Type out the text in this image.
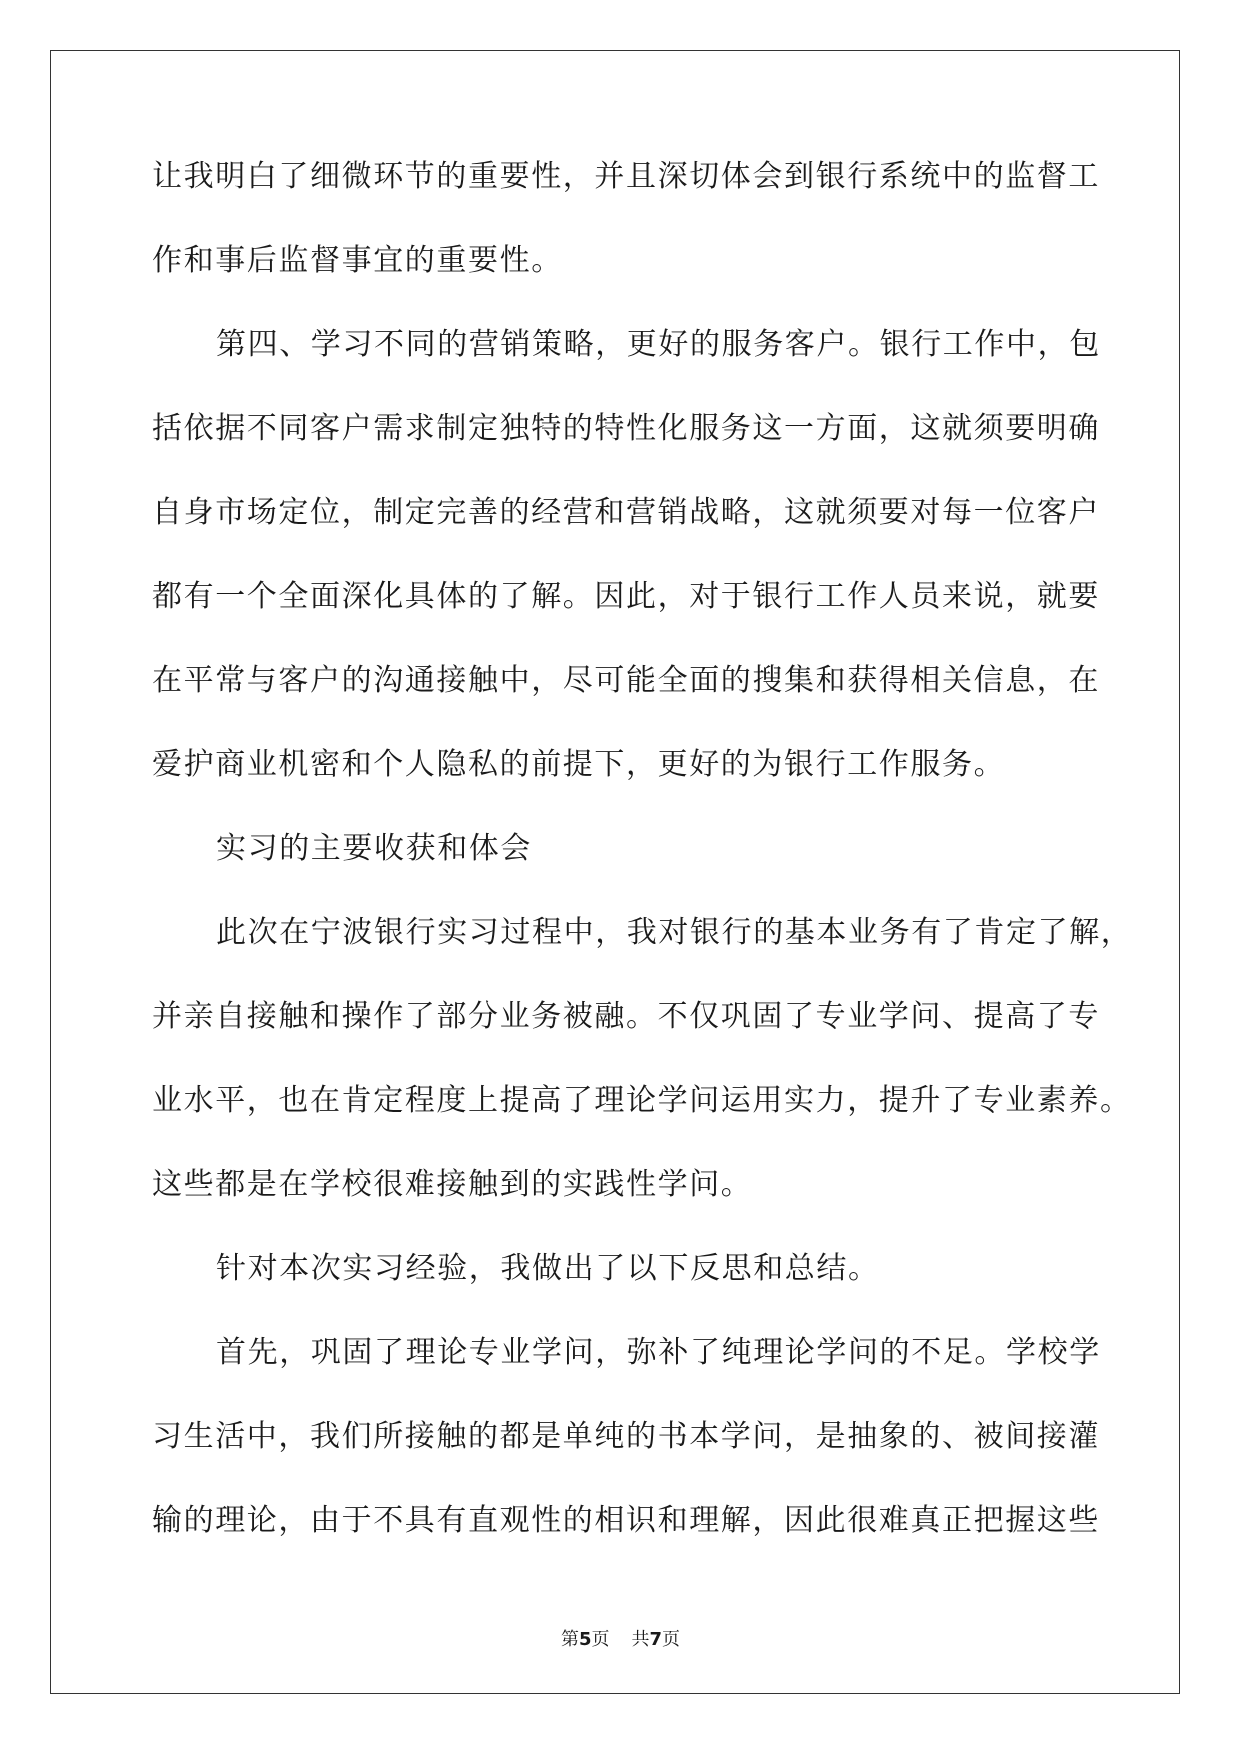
让我明白了细微环节的重要性，并且深切体会到银行系统中的监督工
作和事后监督事宜的重要性。
第四、学习不同的营销策略，更好的服务客户。银行工作中，包
括依据不同客户需求制定独特的特性化服务这一方面，这就须要明确
自身市场定位，制定完善的经营和营销战略，这就须要对每一位客户
都有一个全面深化具体的了解。因此，对于银行工作人员来说，就要
在平常与客户的沟通接触中，尽可能全面的搜集和获得相关信息，在
爱护商业机密和个人隐私的前提下，更好的为银行工作服务。
实习的主要收获和体会
此次在宁波银行实习过程中，我对银行的基本业务有了肯定了解，
并亲自接触和操作了部分业务被融。不仅巩固了专业学问、提高了专
业水平，也在肯定程度上提高了理论学问运用实力，提升了专业素养。
这些都是在学校很难接触到的实践性学问。
针对本次实习经验，我做出了以下反思和总结。
首先，巩固了理论专业学问，弥补了纯理论学问的不足。学校学
习生活中，我们所接触的都是单纯的书本学问，是抽象的、被间接灌
输的理论，由于不具有直观性的相识和理解，因此很难真正把握这些
第5页 共7页
